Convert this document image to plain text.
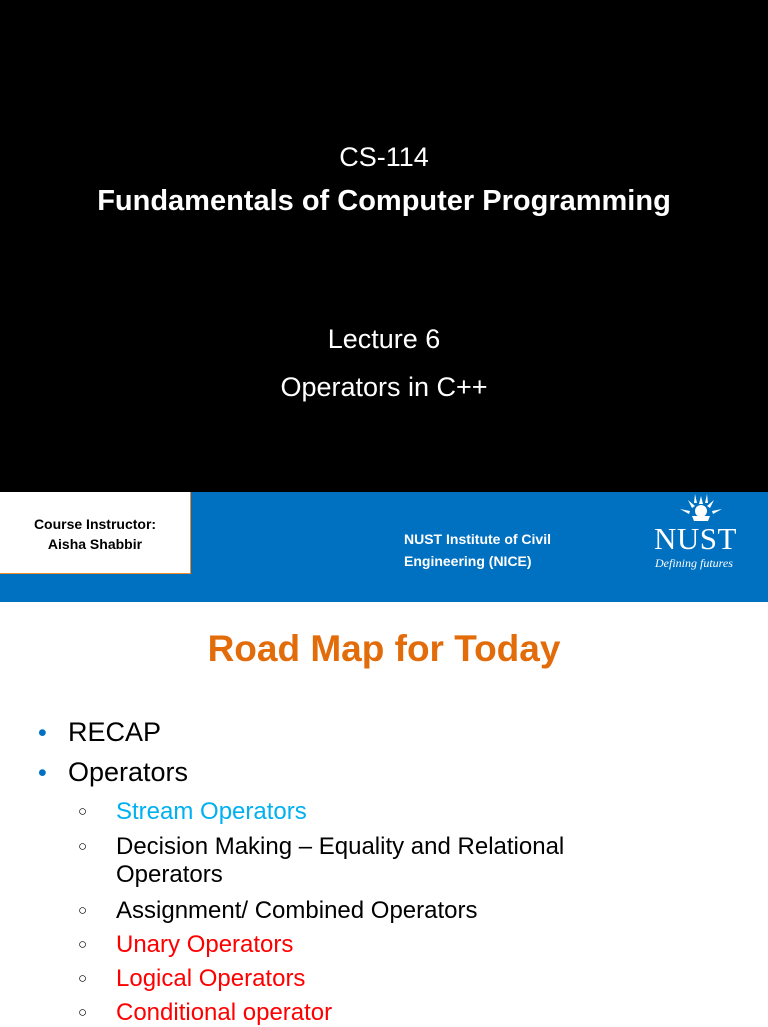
CS-114
Fundamentals of Computer Programming
Lecture 6
Operators in C++
Course Instructor:
Aisha Shabbir	NUST Institute of Civil
Engineering (NICE)
NUST
Defining futures
Road Map for Today
• RECAP
• Operators
○	Stream Operators
○	Decision Making – Equality and Relational Operators
○	Assignment/ Combined Operators
○	Unary Operators
○	Logical Operators
○	Conditional operator
